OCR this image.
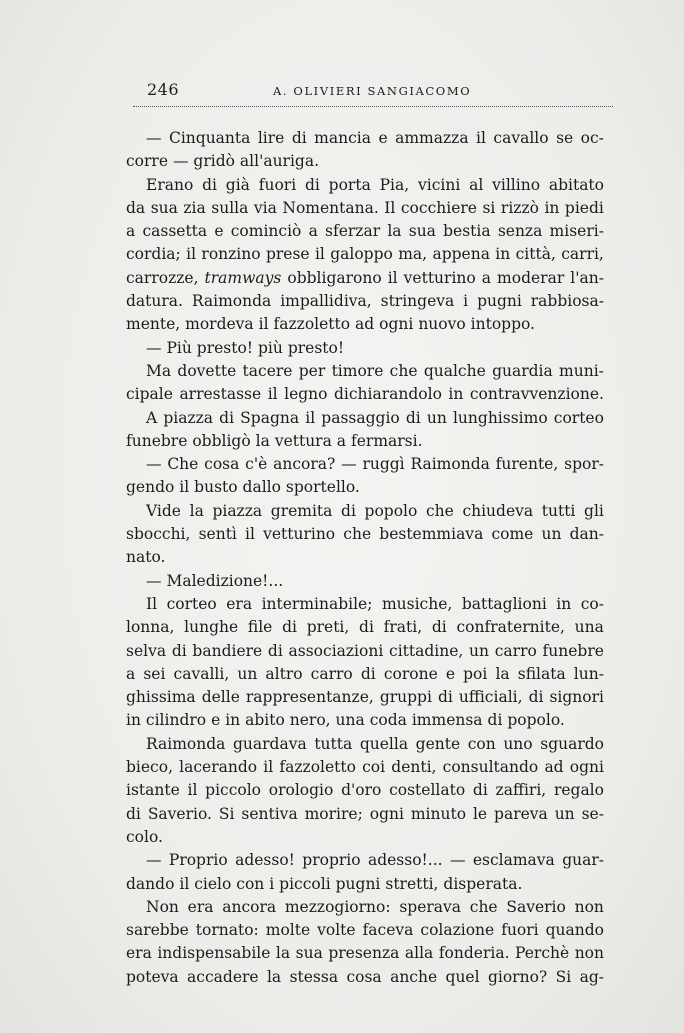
246	A. OLIVIERI SANGIACOMO
— Cinquanta lire di mancia e ammazza il cavallo se oc-
corre — gridò all'auriga.
Erano di già fuori di porta Pia, vicini al villino abitato
da sua zia sulla via Nomentana. Il cocchiere si rizzò in piedi
a cassetta e cominciò a sferzar la sua bestia senza miseri-
cordia; il ronzino prese il galoppo ma, appena in città, carri,
carrozze, tramways obbligarono il vetturino a moderar l'an-
datura. Raimonda impallidiva, stringeva i pugni rabbiosa-
mente, mordeva il fazzoletto ad ogni nuovo intoppo.
— Più presto! più presto!
Ma dovette tacere per timore che qualche guardia muni-
cipale arrestasse il legno dichiarandolo in contravvenzione.
A piazza di Spagna il passaggio di un lunghissimo corteo
funebre obbligò la vettura a fermarsi.
— Che cosa c'è ancora? — ruggì Raimonda furente, spor-
gendo il busto dallo sportello.
Vide la piazza gremita di popolo che chiudeva tutti gli
sbocchi, sentì il vetturino che bestemmiava come un dan-
nato.
— Maledizione!...
Il corteo era interminabile; musiche, battaglioni in co-
lonna, lunghe file di preti, di frati, di confraternite, una
selva di bandiere di associazioni cittadine, un carro funebre
a sei cavalli, un altro carro di corone e poi la sfilata lun-
ghissima delle rappresentanze, gruppi di ufficiali, di signori
in cilindro e in abito nero, una coda immensa di popolo.
Raimonda guardava tutta quella gente con uno sguardo
bieco, lacerando il fazzoletto coi denti, consultando ad ogni
istante il piccolo orologio d'oro costellato di zaffiri, regalo
di Saverio. Si sentiva morire; ogni minuto le pareva un se-
colo.
— Proprio adesso! proprio adesso!... — esclamava guar-
dando il cielo con i piccoli pugni stretti, disperata.
Non era ancora mezzogiorno: sperava che Saverio non
sarebbe tornato: molte volte faceva colazione fuori quando
era indispensabile la sua presenza alla fonderia. Perchè non
poteva accadere la stessa cosa anche quel giorno? Si ag-
